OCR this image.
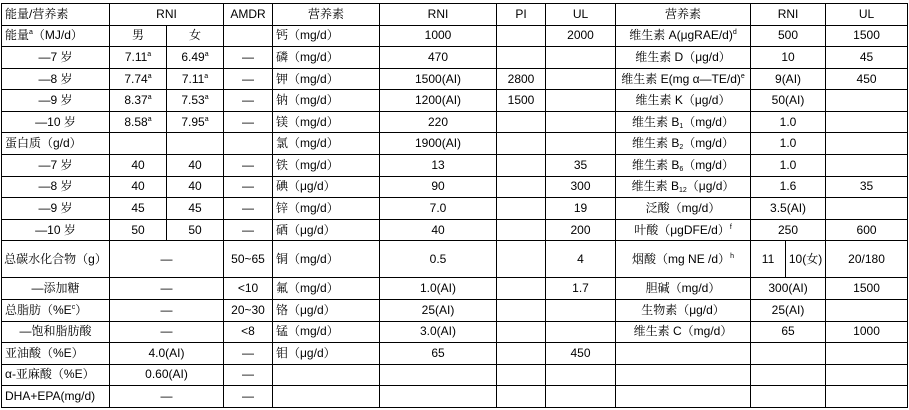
能量/营养素	RNI		AMDR	营养素	RNI	PI	UL	营养素	RNI		UL
能量$^a$（MJ/d）	男	女		钙（mg/d）	1000		2000	维生素 A(μgRAE/d)$^d$	500		1500
—7 岁	7.11$^a$	6.49$^a$	—	磷（mg/d）	470			维生素 D（μg/d）	10		45
—8 岁	7.74$^a$	7.11$^a$	—	钾（mg/d）	1500(AI)	2800		维生素 E(mg α—TE/d)$^e$	9(AI)		450
—9 岁	8.37$^a$	7.53$^a$	—	钠（mg/d）	1200(AI)	1500		维生素 K（μg/d）	50(AI)		
—10 岁	8.58$^a$	7.95$^a$	—	镁（mg/d）	220			维生素 $B_1(mg/d)$	1.0		
蛋白质（g/d）				氯（mg/d）	1900(AI)			维生素 $B_2(mg/d)$	1.0		
—7 岁	40	40	—	铁（mg/d）	13		35	维生素 $B_6(mg/d)$	1.0		
—8 岁	40	40	—	碘（μg/d）	90		300	维生素 $B_{12}(\mu g/d)$	1.6		35
—9 岁	45	45	—	锌（mg/d）	7.0		19	泛酸（mg/d）	3.5(AI)		
—10 岁	50	50	—	硒（μg/d）	40		200	叶酸（μgDFE/d）$^f$	250		600
总碳水化合物（g）	—		50~65	铜（mg/d）	0.5		4	烟酸（mg NE /d）$^h$	11	10(女)	20/180
—添加糖	—		<10	氟（mg/d）	1.0(AI)		1.7	胆碱（mg/d）	300(AI)		1500
总脂肪$(\%E^c)$	—		20~30	铬（μg/d）	25(AI)			生物素（μg/d）	25(AI)		
—饱和脂肪酸	—		<8	锰（mg/d）	3.0(AI)			维生素 C（mg/d）	65		1000
亚油酸（%E）	4.0(AI)		—	钼（μg/d）	65		450				
α-亚麻酸（%E）	0.60(AI)		—								
DHA+EPA(mg/d)	—		—								
